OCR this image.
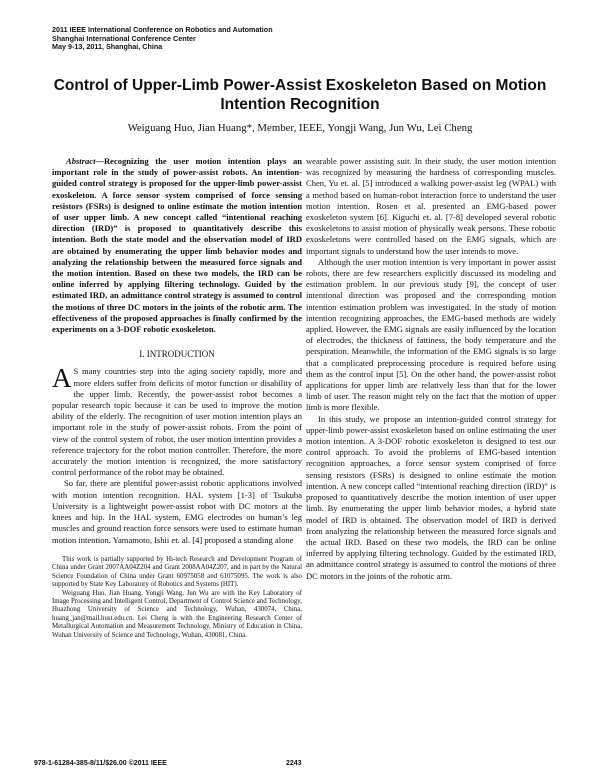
2011 IEEE International Conference on Robotics and Automation
Shanghai International Conference Center
May 9-13, 2011, Shanghai, China
Control of Upper-Limb Power-Assist Exoskeleton Based on Motion
Intention Recognition
Weiguang Huo, Jian Huang*, Member, IEEE, Yongji Wang, Jun Wu, Lei Cheng

Abstract—Recognizing the user motion intention plays an important role in the study of power-assist robots. An intention-guided control strategy is proposed for the upper-limb power-assist exoskeleton. A force sensor system comprised of force sensing resistors (FSRs) is designed to online estimate the motion intention of user upper limb. A new concept called “intentional reaching direction (IRD)” is proposed to quantitatively describe this intention. Both the state model and the observation model of IRD are obtained by enumerating the upper limb behavior modes and analyzing the relationship between the measured force signals and the motion intention. Based on these two models, the IRD can be online inferred by applying filtering technology. Guided by the estimated IRD, an admittance control strategy is assumed to control the motions of three DC motors in the joints of the robotic arm. The effectiveness of the proposed approaches is finally confirmed by the experiments on a 3-DOF robotic exoskeleton.

I. INTRODUCTION

A S many countries step into the aging society rapidly, more and more elders suffer from deficits of motor function or disability of the upper limb. Recently, the power-assist robot becomes a popular research topic because it can be used to improve the motion ability of the elderly. The recognition of user motion intention plays an important role in the study of power-assist robots. From the point of view of the control system of robot, the user motion intention provides a reference trajectory for the robot motion controller. Therefore, the more accurately the motion intention is recognized, the more satisfactory control performance of the robot may be obtained.

So far, there are plentiful power-assist robotic applications involved with motion intention recognition. HAL system [1-3] of Tsukuba University is a lightweight power-assist robot with DC motors at the knees and hip. In the HAL system, EMG electrodes on human’s leg muscles and ground reaction force sensors were used to estimate human motion intention. Yamamoto, Ishii et. al. [4] proposed a standing alone

wearable power assisting suit. In their study, the user motion intention was recognized by measuring the hardness of corresponding muscles. Chen, Yu et. al. [5] introduced a walking power-assist leg (WPAL) with a method based on human-robot interaction force to understand the user motion intention. Rosen et al. presented an EMG-based power exoskeleton system [6]. Kiguchi et. al. [7-8] developed several robotic exoskeletons to assist motion of physically weak persons. These robotic exoskeletons were controlled based on the EMG signals, which are important signals to understand how the user intends to move.

Although the user motion intention is very important in power assist robots, there are few researchers explicitly discussed its modeling and estimation problem. In our previous study [9], the concept of user intentional direction was proposed and the corresponding motion intention estimation problem was investigated. In the study of motion intention recognizing approaches, the EMG-based methods are widely applied. However, the EMG signals are easily influenced by the location of electrodes, the thickness of fattiness, the body temperature and the perspiration. Meanwhile, the information of the EMG signals is so large that a complicated preprocessing procedure is required before using them as the control input [5]. On the other hand, the power-assist robot applications for upper limb are relatively less than that for the lower limb of user. The reason might rely on the fact that the motion of upper limb is more flexible.

In this study, we propose an intention-guided control strategy for upper-limb power-assist exoskeleton based on online estimating the user motion intention. A 3-DOF robotic exoskeleton is designed to test our control approach. To avoid the problems of EMG-based intention recognition approaches, a force sensor system comprised of force sensing resistors (FSRs) is designed to online estimate the motion intention. A new concept called “intentional reaching direction (IRD)” is proposed to quantitatively describe the motion intention of user upper limb. By enumerating the upper limb behavior modes, a hybrid state model of IRD is obtained. The observation model of IRD is derived from analyzing the relationship between the measured force signals and the actual IRD. Based on these two models, the IRD can be online inferred by applying filtering technology. Guided by the estimated IRD, an admittance control strategy is assumed to control the motions of three DC motors in the joints of the robotic arm.

This work is partially supported by Hi-tech Research and Development Program of China under Grant 2007AA04Z204 and Grant 2008AA04Z207, and in part by the Natural Science Foundation of China under Grant 60975058 and 61075095. The work is also supported by State Key Laboratory of Robotics and Systems (HIT).

Weiguang Huo, Jian Huang, Yongji Wang, Jun Wu are with the Key Laboratory of Image Processing and Intelligent Control, Department of Control Science and Technology, Huazhong University of Science and Technology, Wuhan, 430074, China, huang_jan@mail.hust.edu.cn. Lei Cheng is with the Engineering Research Center of Metallurgical Automation and Measurement Technology, Ministry of Education in China, Wuhan University of Science and Technology, Wuhan, 430081, China.

978-1-61284-385-8/11/$26.00 ©2011 IEEE	2243
